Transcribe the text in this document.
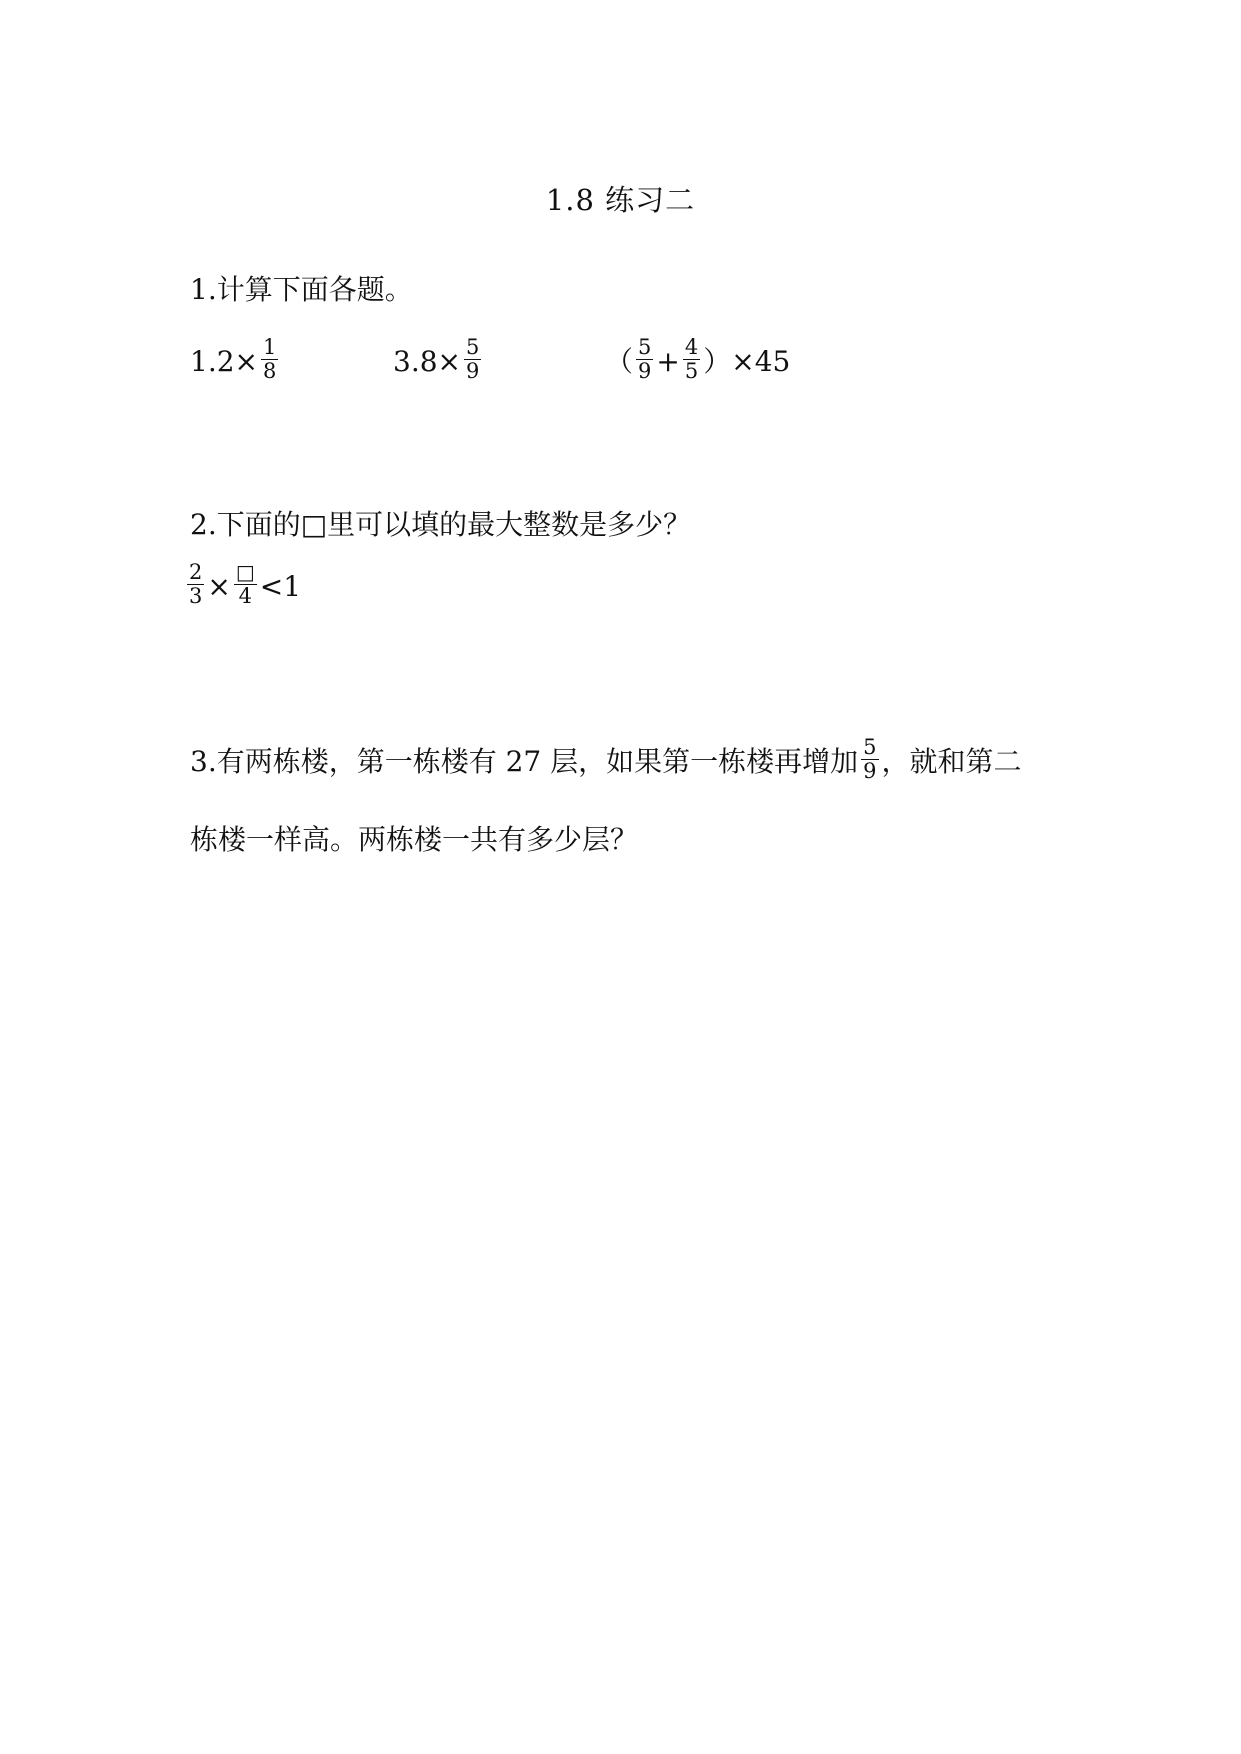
1.8 练习二
1.计算下面各题。
$1.2\times \frac{1}{8}$	$3.8\times \frac{5}{9}$	（ $\frac{5}{9} + \frac{4}{5} )\times 45$
2.下面的□里可以填的最大整数是多少？
$\frac{2}{3} \times \frac{□}{4} <1$
3.有两栋楼，第一栋楼有 27 层，如果第一栋楼再增加 $\frac{5}{9}$ ，就和第二
栋楼一样高。两栋楼一共有多少层？
